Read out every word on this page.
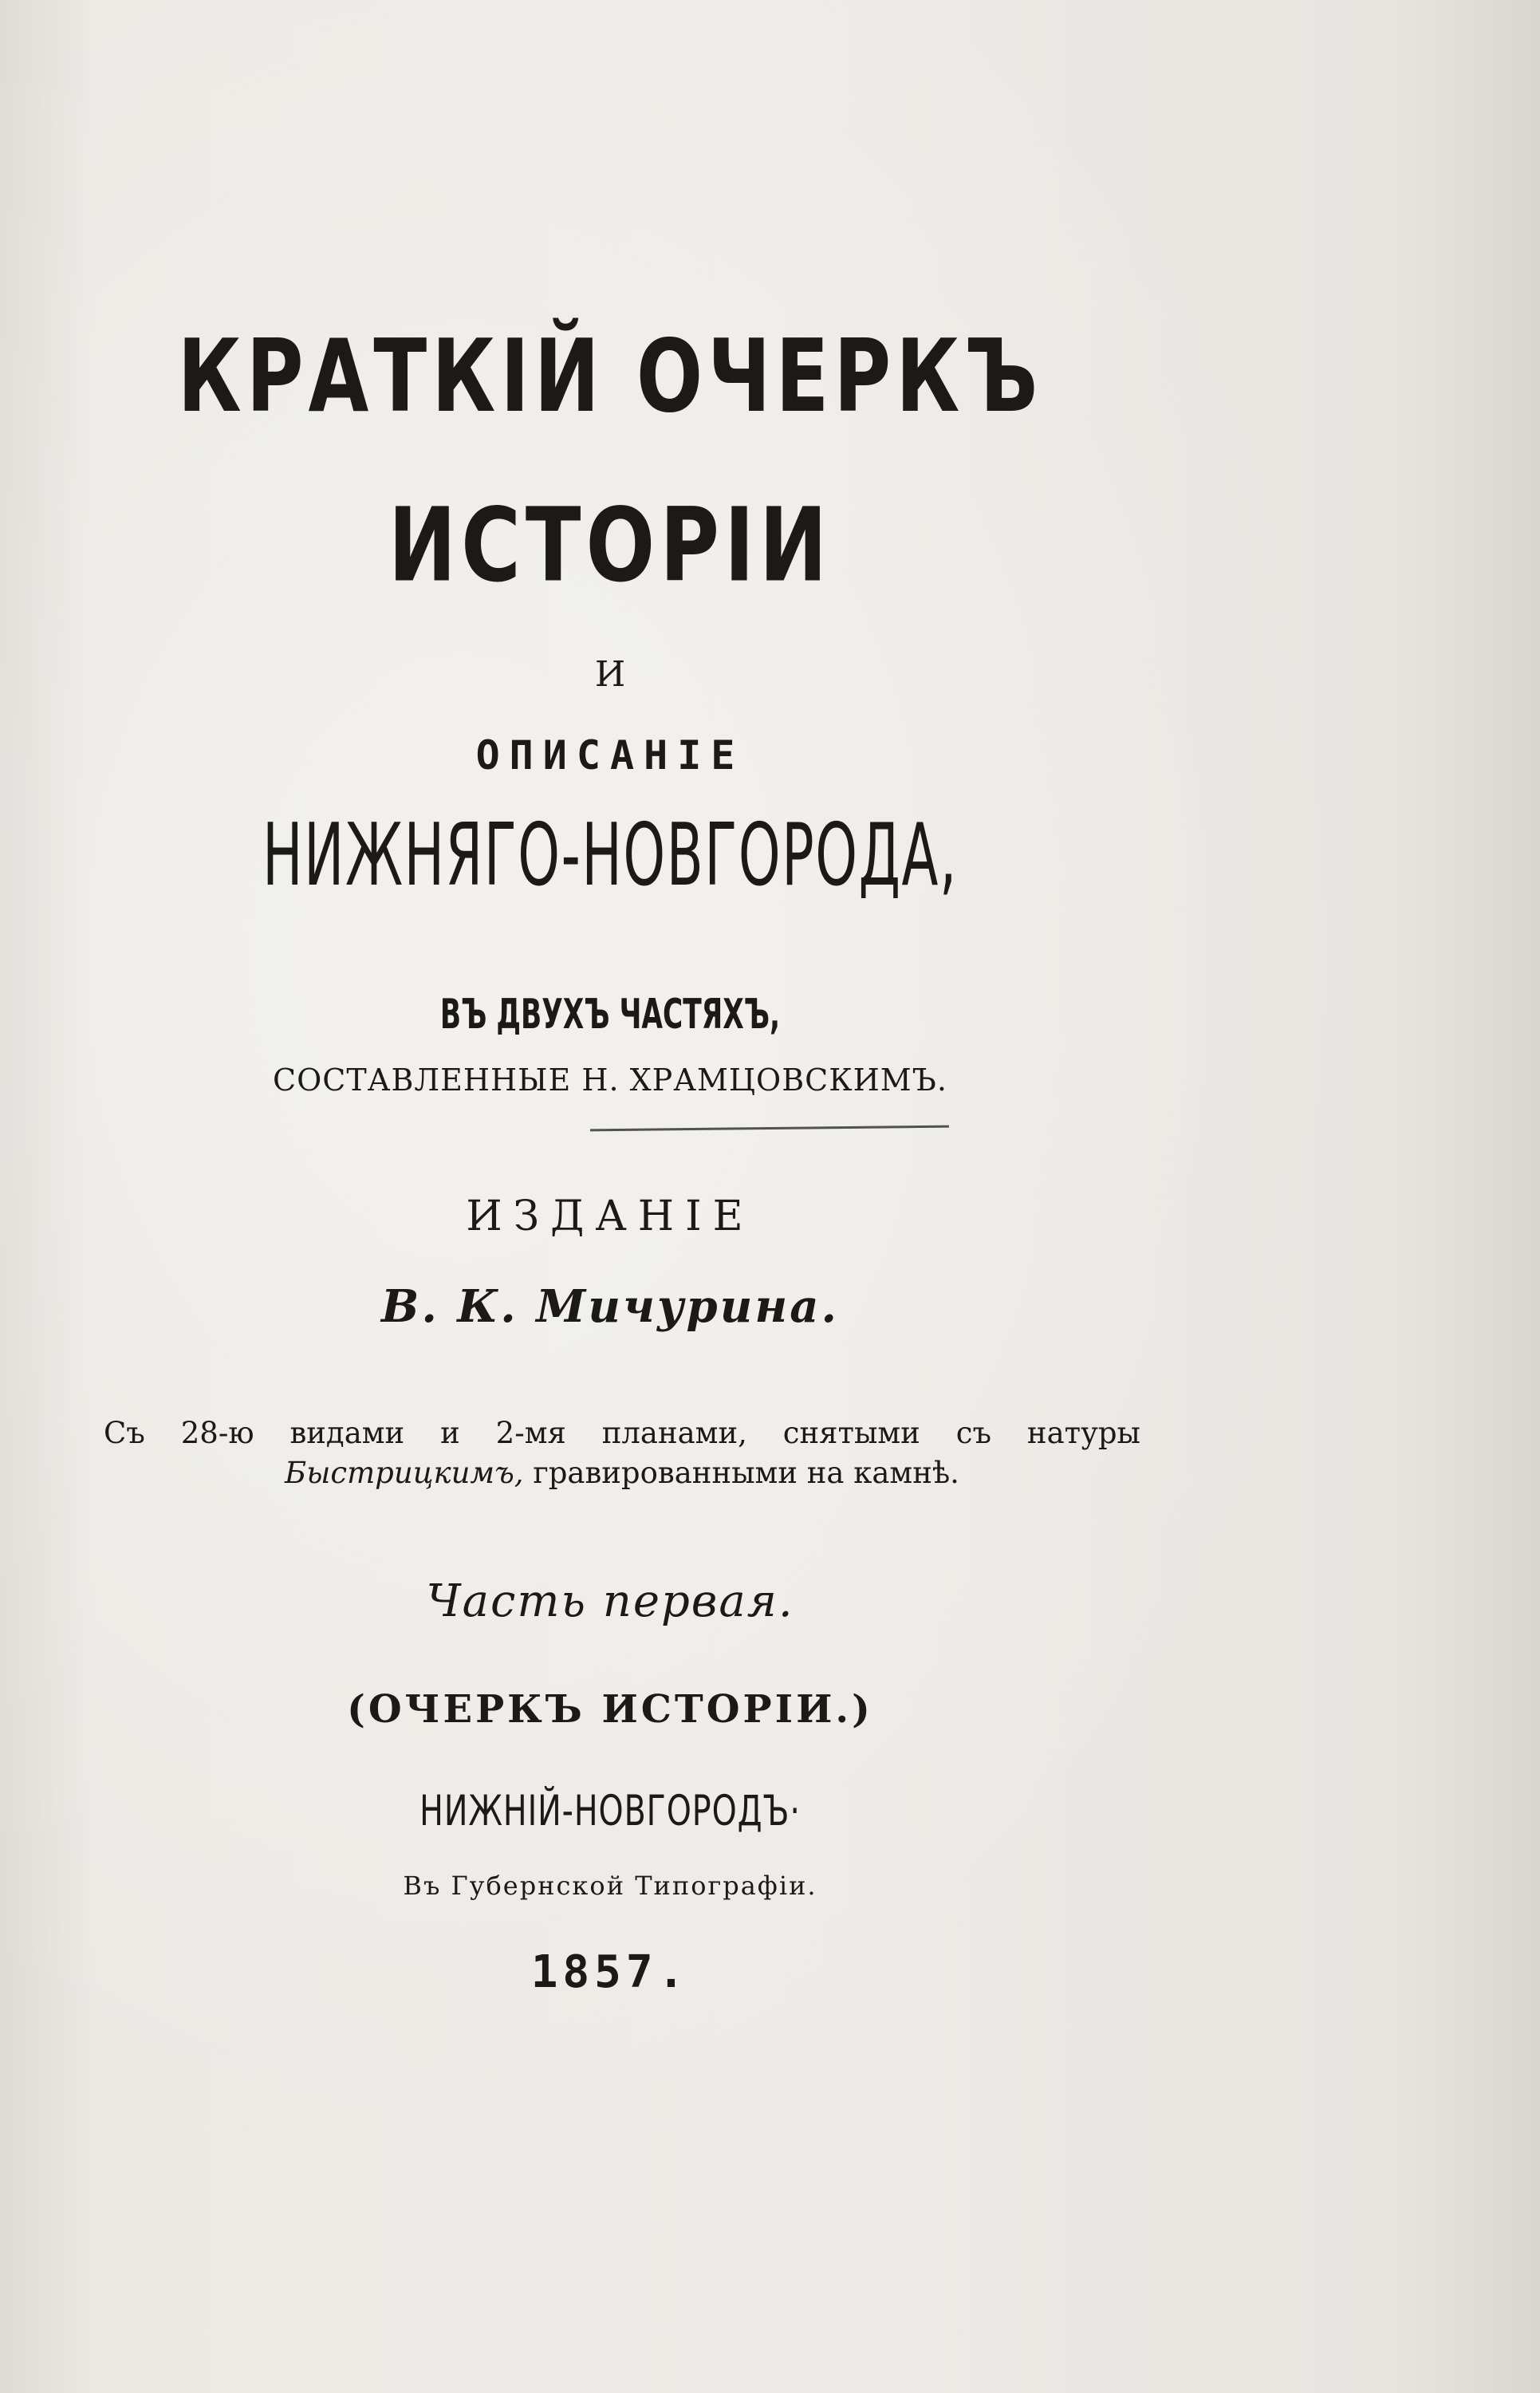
КРАТКІЙ ОЧЕРКЪ
ИСТОРІИ
И
ОПИСАНІЕ
НИЖНЯГО-НОВГОРОДА,
ВЪ ДВУХЪ ЧАСТЯХЪ,
СОСТАВЛЕННЫЕ Н. ХРАМЦОВСКИМЪ.
ИЗДАНІЕ
В. К. Мичурина.
Съ 28-ю видами и 2-мя планами, снятыми съ натуры Быстрицкимъ, гравированными на камнѣ.
Часть первая.
(ОЧЕРКЪ ИСТОРІИ.)
НИЖНІЙ-НОВГОРОДЪ·
Въ Губернской Типографіи.
1857.
